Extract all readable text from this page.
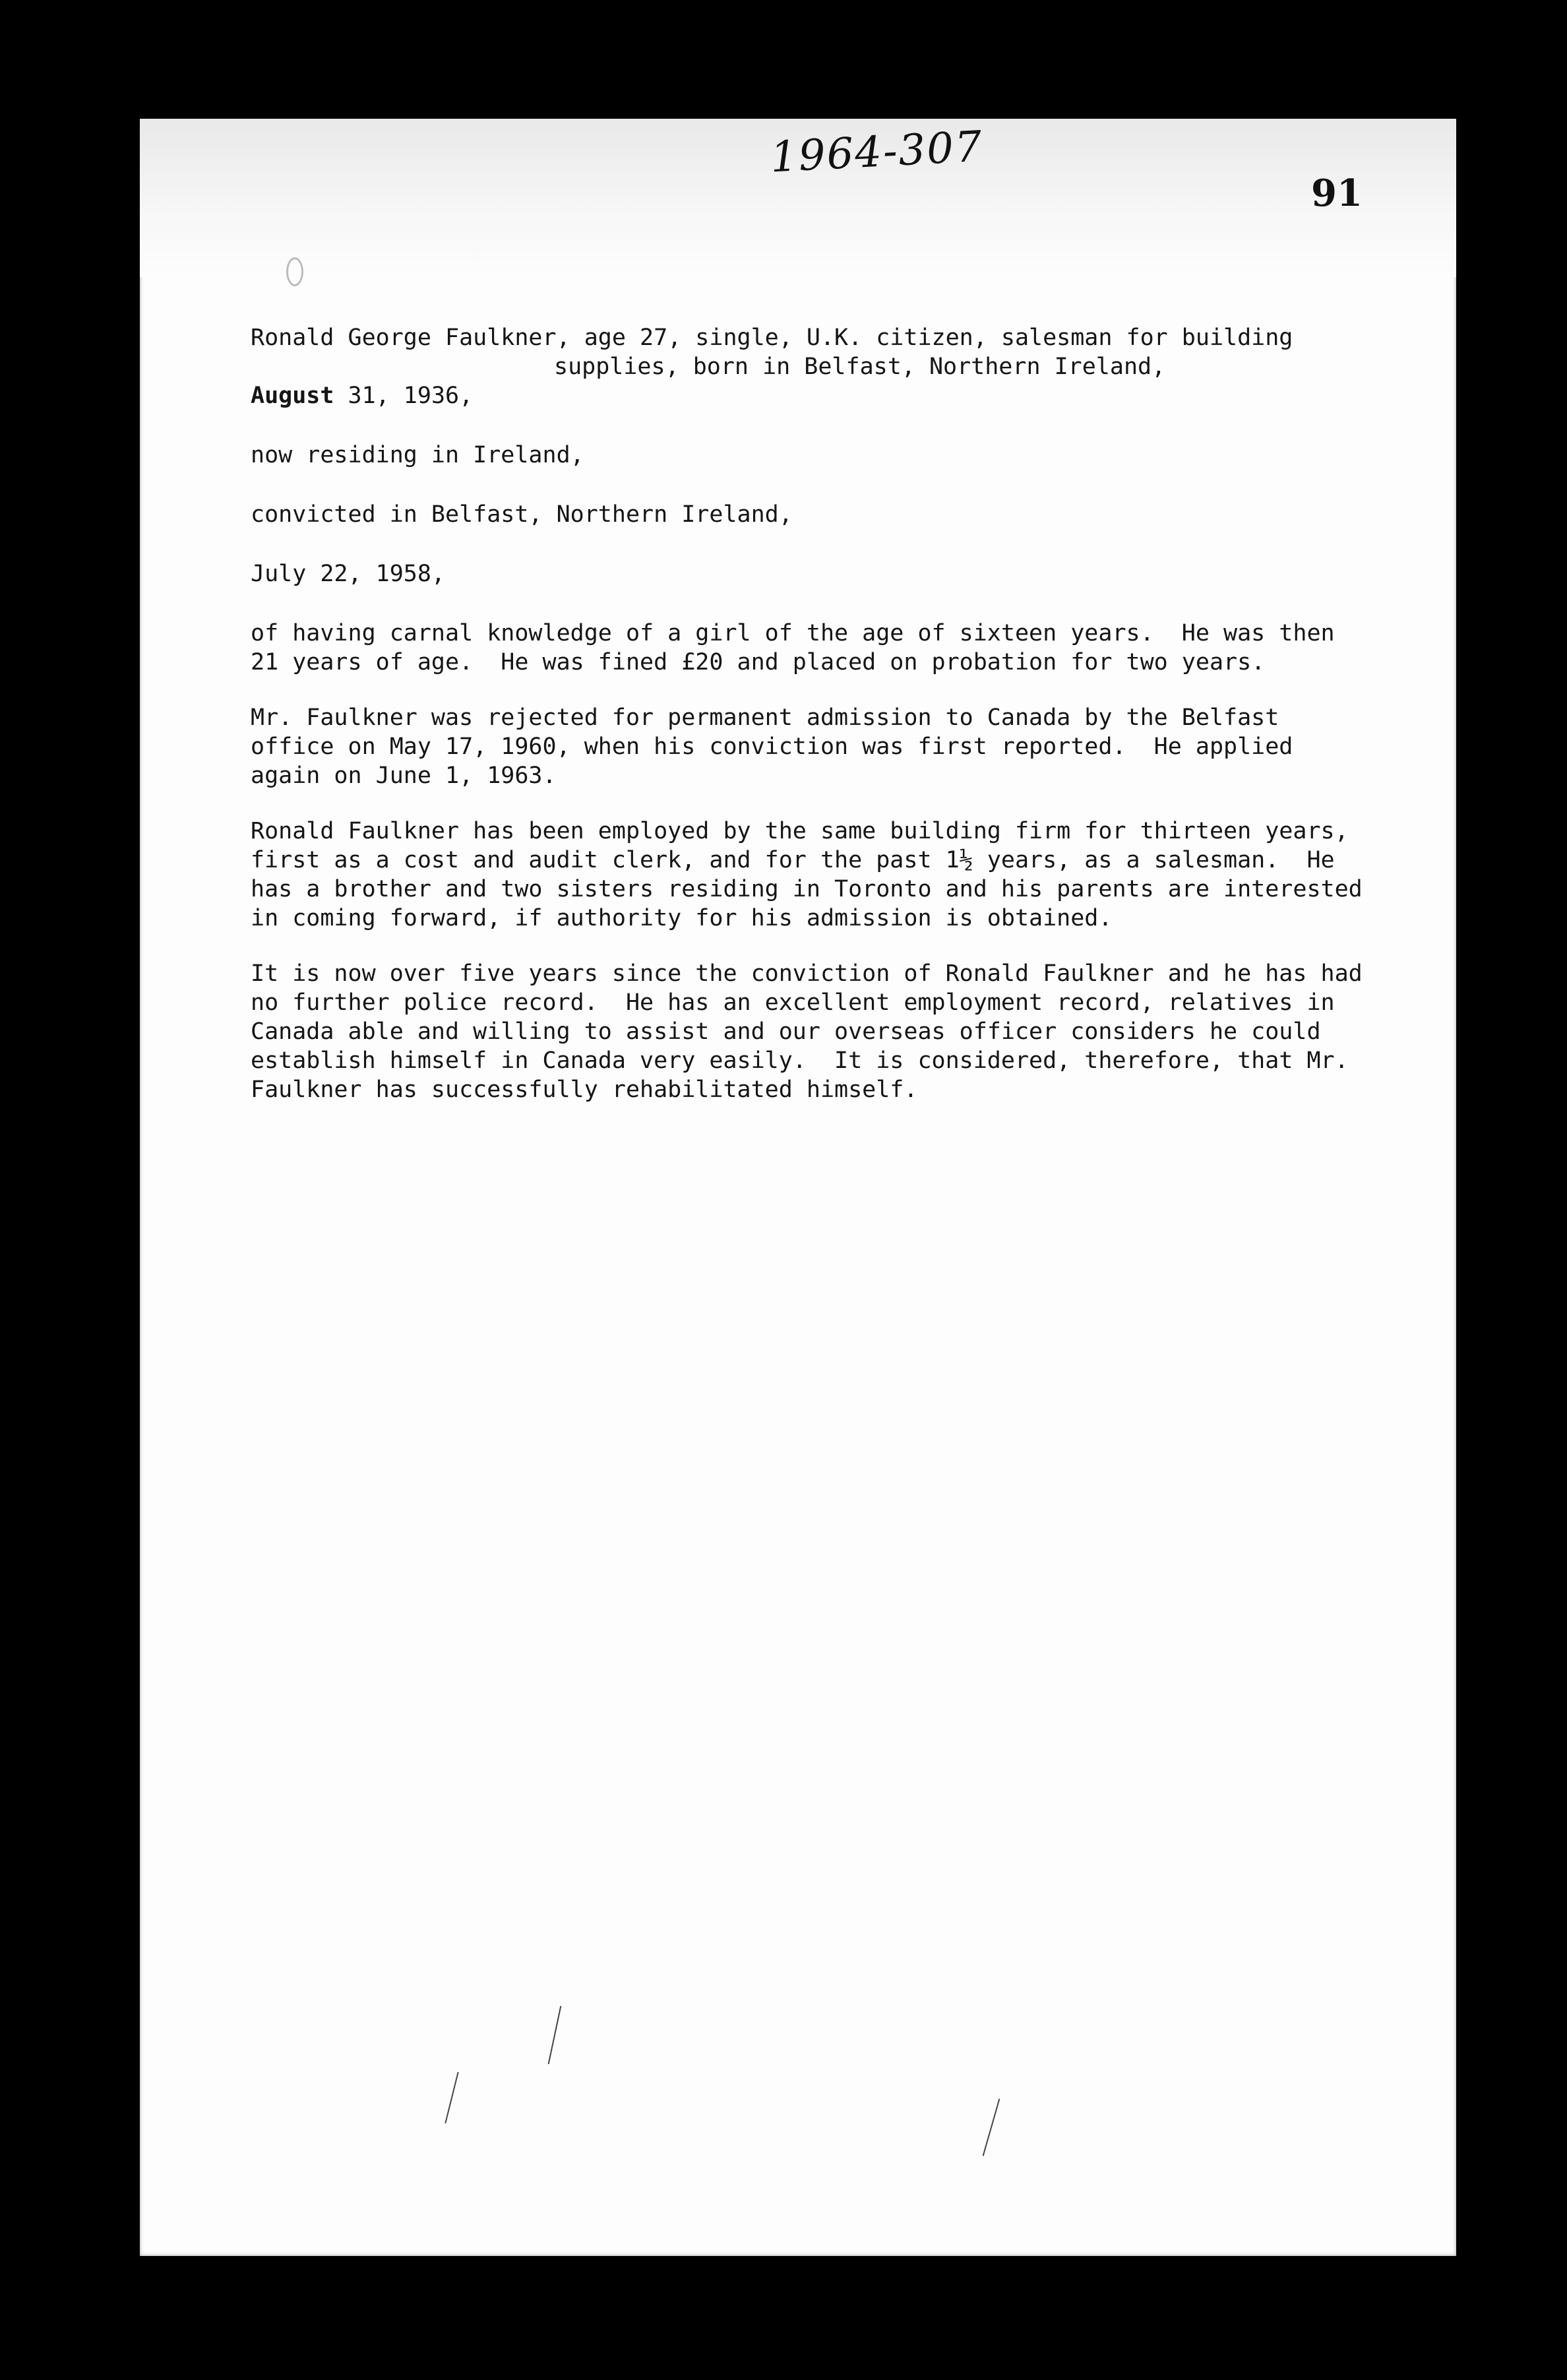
1964-307
91
Ronald George Faulkner, age 27, single, U.K. citizen, salesman for building
supplies, born in Belfast, Northern Ireland,
August 31, 1936,
now residing in Ireland,
convicted in Belfast, Northern Ireland,
July 22, 1958,
of having carnal knowledge of a girl of the age of sixteen years.  He was then
21 years of age.  He was fined £20 and placed on probation for two years.
Mr. Faulkner was rejected for permanent admission to Canada by the Belfast
office on May 17, 1960, when his conviction was first reported.  He applied
again on June 1, 1963.
Ronald Faulkner has been employed by the same building firm for thirteen years,
first as a cost and audit clerk, and for the past 1½ years, as a salesman.  He
has a brother and two sisters residing in Toronto and his parents are interested
in coming forward, if authority for his admission is obtained.
It is now over five years since the conviction of Ronald Faulkner and he has had
no further police record.  He has an excellent employment record, relatives in
Canada able and willing to assist and our overseas officer considers he could
establish himself in Canada very easily.  It is considered, therefore, that Mr.
Faulkner has successfully rehabilitated himself.
